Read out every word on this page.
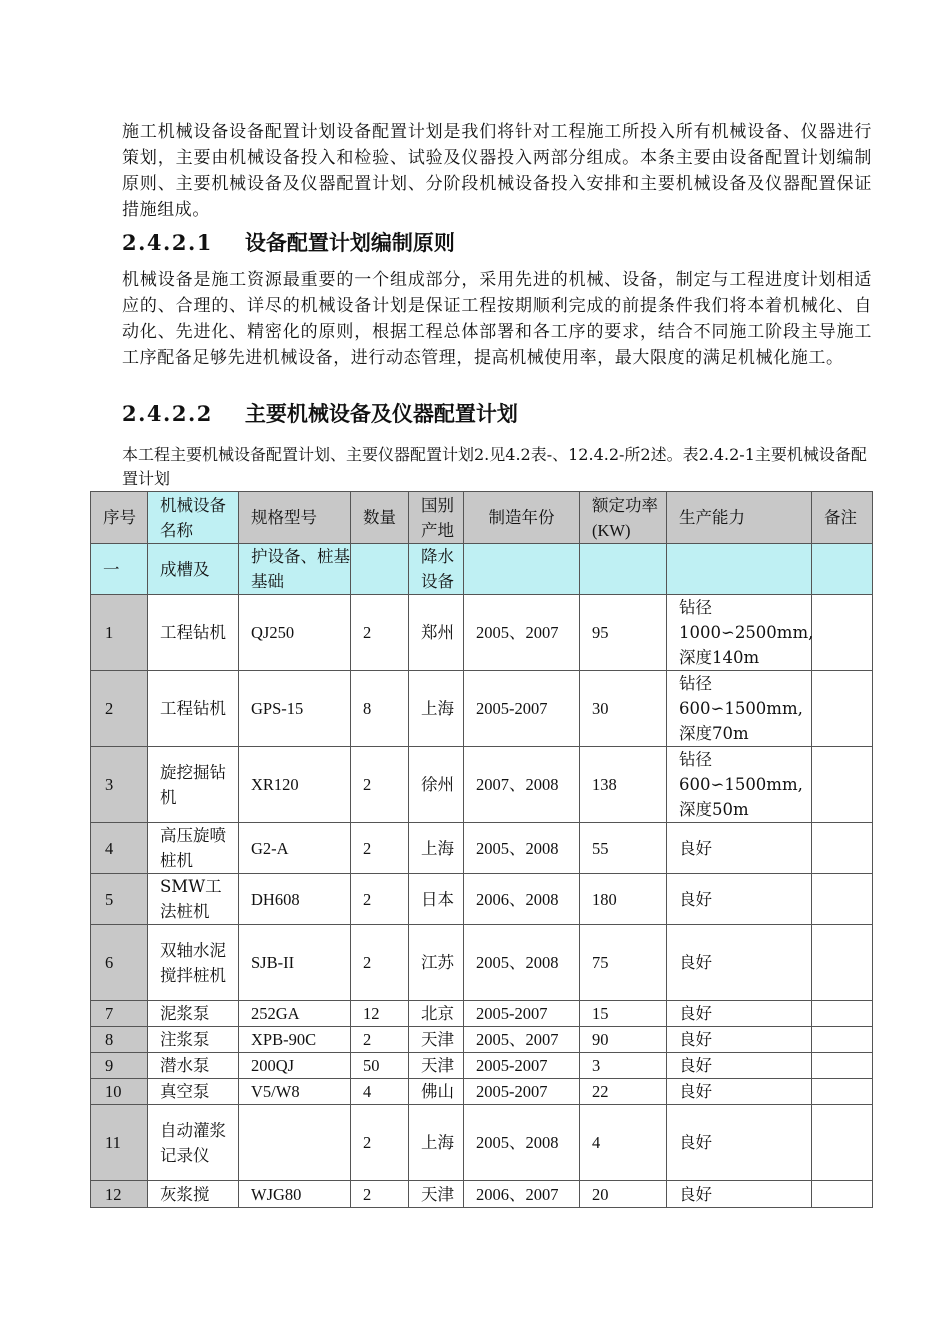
施工机械设备设备配置计划设备配置计划是我们将针对工程施工所投入所有机械设备、仪器进行策划，主要由机械设备投入和检验、试验及仪器投入两部分组成。本条主要由设备配置计划编制原则、主要机械设备及仪器配置计划、分阶段机械设备投入安排和主要机械设备及仪器配置保证措施组成。

2.4.2.1 设备配置计划编制原则

机械设备是施工资源最重要的一个组成部分，采用先进的机械、设备，制定与工程进度计划相适应的、合理的、详尽的机械设备计划是保证工程按期顺利完成的前提条件我们将本着机械化、自动化、先进化、精密化的原则，根据工程总体部署和各工序的要求，结合不同施工阶段主导施工工序配备足够先进机械设备，进行动态管理，提高机械使用率，最大限度的满足机械化施工。

2.4.2.2 主要机械设备及仪器配置计划

本工程主要机械设备配置计划、主要仪器配置计划2.见4.2表-、12.4.2-所2述。表2.4.2-1主要机械设备配置计划

序号	机械设备名称	规格型号	数量	国别产地	制造年份	额定功率(KW)	生产能力	备注
一	成槽及	护设备、桩基基础		降水设备				
1	工程钻机	QJ250	2	郑州	2005、2007	95	钻径1000∽2500mm, 深度140m	
2	工程钻机	GPS-15	8	上海	2005-2007	30	钻径600∽1500mm, 深度70m	
3	旋挖掘钻机	XR120	2	徐州	2007、2008	138	钻径600∽1500mm, 深度50m	
4	高压旋喷桩机	G2-A	2	上海	2005、2008	55	良好	
5	SMW工法桩机	DH608	2	日本	2006、2008	180	良好	
6	双轴水泥搅拌桩机	SJB-II	2	江苏	2005、2008	75	良好	
7	泥浆泵	252GA	12	北京	2005-2007	15	良好	
8	注浆泵	XPB-90C	2	天津	2005、2007	90	良好	
9	潜水泵	200QJ	50	天津	2005-2007	3	良好	
10	真空泵	V5/W8	4	佛山	2005-2007	22	良好	
11	自动灌浆记录仪		2	上海	2005、2008	4	良好	
12	灰浆搅	WJG80	2	天津	2006、2007	20	良好	
